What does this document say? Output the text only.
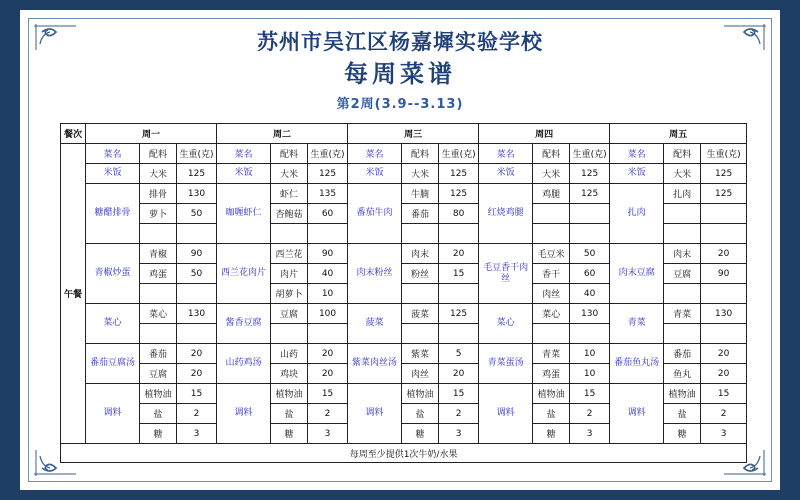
苏州市吴江区杨嘉墀实验学校
每周菜谱
第2周(3.9--3.13)
餐次	周一			周二			周三			周四			周五		
午餐	菜名	配料	生重(克)	菜名	配料	生重(克)	菜名	配料	生重(克)	菜名	配料	生重(克)	菜名	配料	生重(克)
	米饭	大米	125	米饭	大米	125	米饭	大米	125	米饭	大米	125	米饭	大米	125
	糖醋排骨	排骨	130	咖喱虾仁	虾仁	135	番茄牛肉	牛腩	125	红烧鸡腿	鸡腿	125	扎肉	扎肉	125
		萝卜	50		杏鲍菇	60		番茄	80						

	青椒炒蛋	青椒	90	西兰花肉片	西兰花	90	肉末粉丝	肉末	20	毛豆香干肉丝	毛豆米	50	肉末豆腐	肉末	20
		鸡蛋	50		肉片	40		粉丝	15		香干	60		豆腐	90
					胡萝卜	10					肉丝	40			
	菜心	菜心	130	酱香豆腐	豆腐	100	菠菜	菠菜	125	菜心	菜心	130	青菜	青菜	130

	番茄豆腐汤	番茄	20	山药鸡汤	山药	20	紫菜肉丝汤	紫菜	5	青菜蛋汤	青菜	10	番茄鱼丸汤	番茄	20
		豆腐	20		鸡块	20		肉丝	20		鸡蛋	10		鱼丸	20
	调料	植物油	15	调料	植物油	15	调料	植物油	15	调料	植物油	15	调料	植物油	15
		盐	2		盐	2		盐	2		盐	2		盐	2
		糖	3		糖	3		糖	3		糖	3		糖	3
每周至少提供1次牛奶/水果															
